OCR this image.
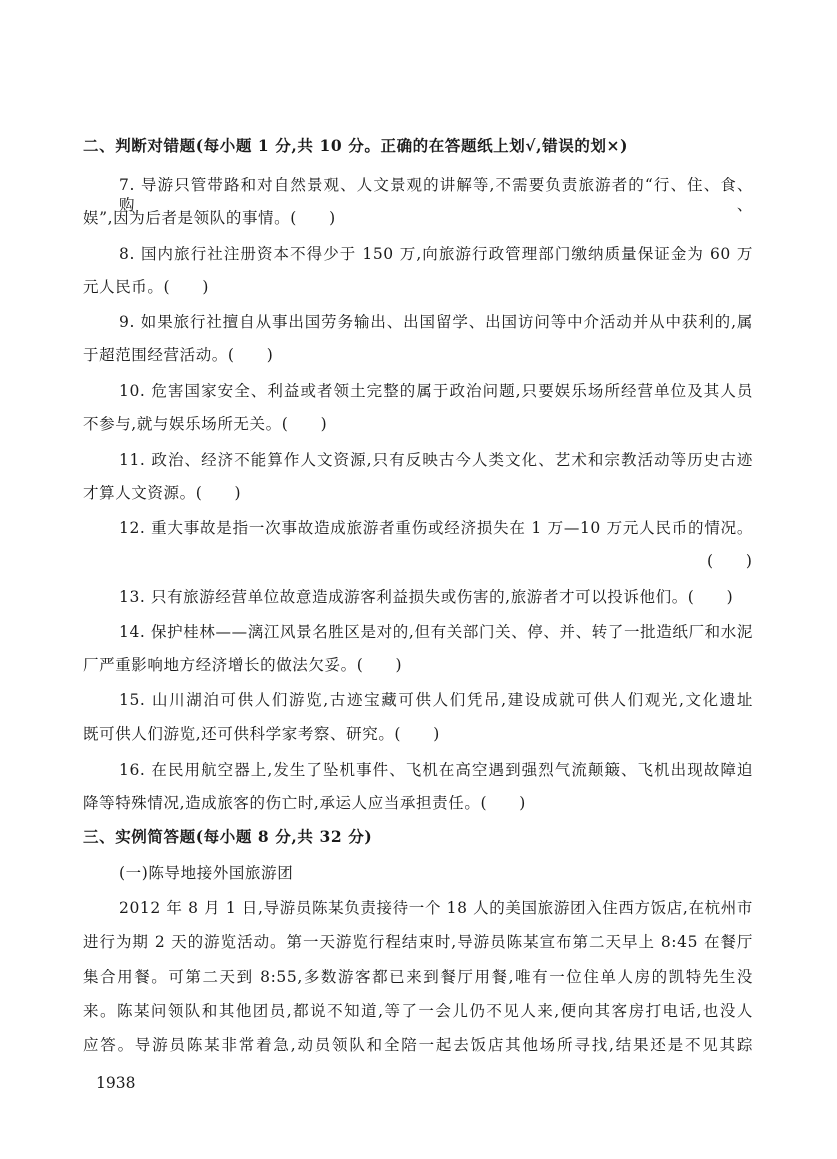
二、判断对错题(每小题 1 分,共 10 分。正确的在答题纸上划√,错误的划×)
7. 导游只管带路和对自然景观、人文景观的讲解等,不需要负责旅游者的“行、住、食、购、
娱”,因为后者是领队的事情。(　　)
8. 国内旅行社注册资本不得少于 150 万,向旅游行政管理部门缴纳质量保证金为 60 万
元人民币。(　　)
9. 如果旅行社擅自从事出国劳务输出、出国留学、出国访问等中介活动并从中获利的,属
于超范围经营活动。(　　)
10. 危害国家安全、利益或者领土完整的属于政治问题,只要娱乐场所经营单位及其人员
不参与,就与娱乐场所无关。(　　)
11. 政治、经济不能算作人文资源,只有反映古今人类文化、艺术和宗教活动等历史古迹
才算人文资源。(　　)
12. 重大事故是指一次事故造成旅游者重伤或经济损失在 1 万—10 万元人民币的情况。
(　　)
13. 只有旅游经营单位故意造成游客利益损失或伤害的,旅游者才可以投诉他们。(　　)
14. 保护桂林——漓江风景名胜区是对的,但有关部门关、停、并、转了一批造纸厂和水泥
厂严重影响地方经济增长的做法欠妥。(　　)
15. 山川湖泊可供人们游览,古迹宝藏可供人们凭吊,建设成就可供人们观光,文化遗址
既可供人们游览,还可供科学家考察、研究。(　　)
16. 在民用航空器上,发生了坠机事件、飞机在高空遇到强烈气流颠簸、飞机出现故障迫
降等特殊情况,造成旅客的伤亡时,承运人应当承担责任。(　　)
三、实例简答题(每小题 8 分,共 32 分)
(一)陈导地接外国旅游团
2012 年 8 月 1 日,导游员陈某负责接待一个 18 人的美国旅游团入住西方饭店,在杭州市
进行为期 2 天的游览活动。第一天游览行程结束时,导游员陈某宣布第二天早上 8:45 在餐厅
集合用餐。可第二天到 8:55,多数游客都已来到餐厅用餐,唯有一位住单人房的凯特先生没
来。陈某问领队和其他团员,都说不知道,等了一会儿仍不见人来,便向其客房打电话,也没人
应答。导游员陈某非常着急,动员领队和全陪一起去饭店其他场所寻找,结果还是不见其踪
1938
